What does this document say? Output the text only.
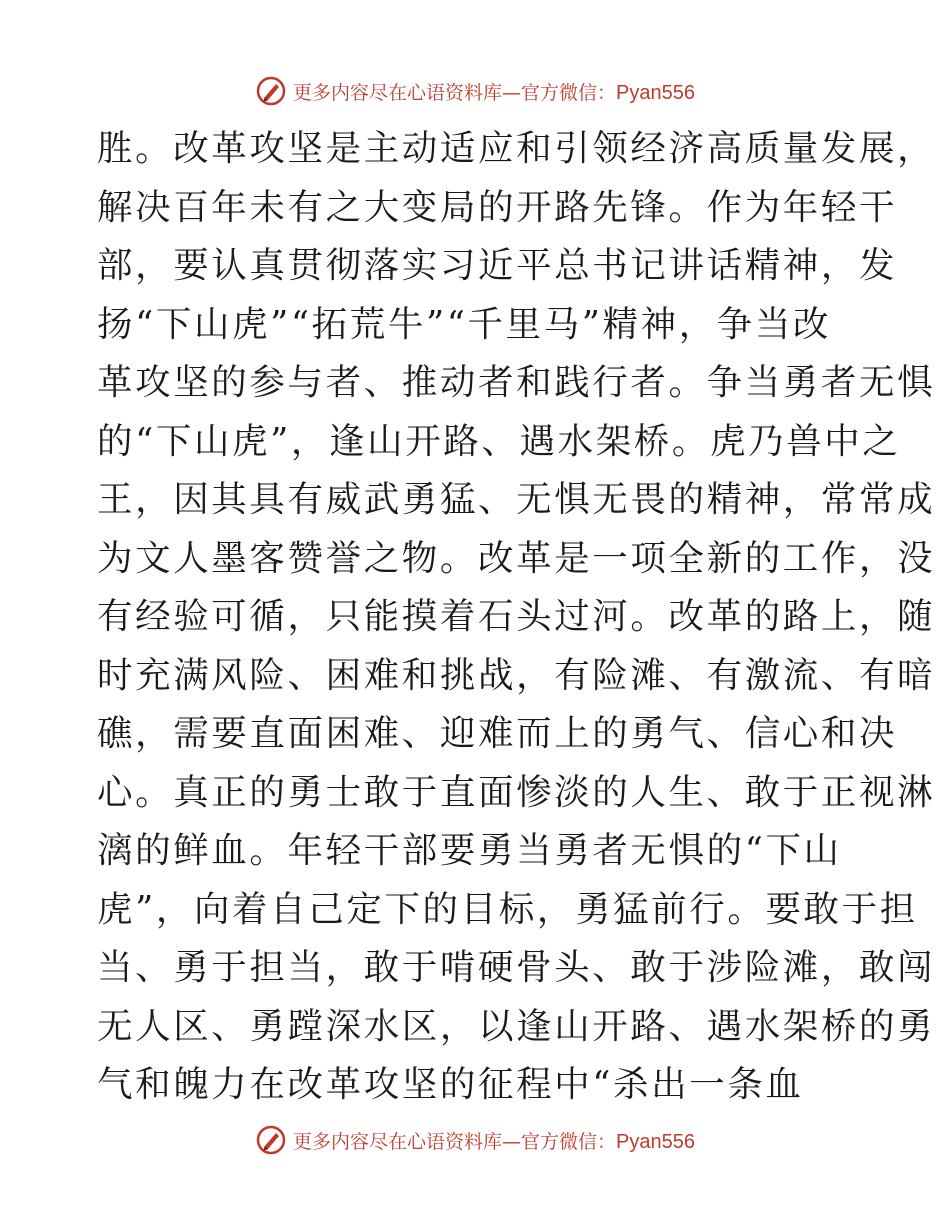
更多内容尽在心语资料库—官方微信：Pyan556
胜。改革攻坚是主动适应和引领经济高质量发展，
解决百年未有之大变局的开路先锋。作为年轻干
部，要认真贯彻落实习近平总书记讲话精神，发
扬“下山虎”“拓荒牛”“千里马”精神，争当改
革攻坚的参与者、推动者和践行者。争当勇者无惧
的“下山虎”，逢山开路、遇水架桥。虎乃兽中之
王，因其具有威武勇猛、无惧无畏的精神，常常成
为文人墨客赞誉之物。改革是一项全新的工作，没
有经验可循，只能摸着石头过河。改革的路上，随
时充满风险、困难和挑战，有险滩、有激流、有暗
礁，需要直面困难、迎难而上的勇气、信心和决
心。真正的勇士敢于直面惨淡的人生、敢于正视淋
漓的鲜血。年轻干部要勇当勇者无惧的“下山
虎”，向着自己定下的目标，勇猛前行。要敢于担
当、勇于担当，敢于啃硬骨头、敢于涉险滩，敢闯
无人区、勇蹚深水区，以逢山开路、遇水架桥的勇
气和魄力在改革攻坚的征程中“杀出一条血
更多内容尽在心语资料库—官方微信：Pyan556
